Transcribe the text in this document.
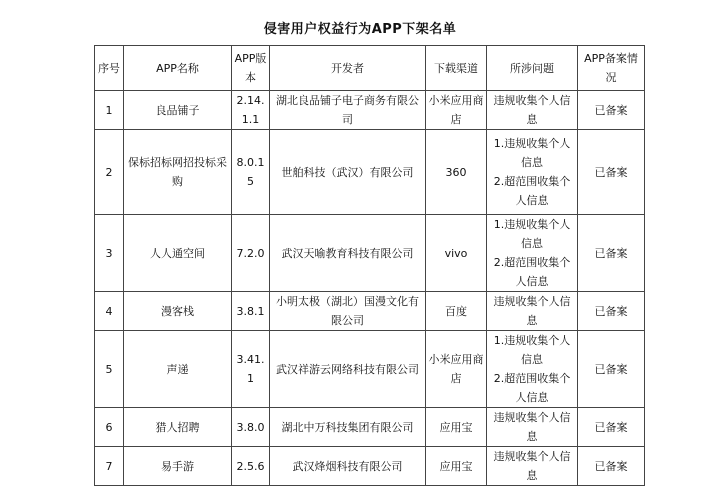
侵害用户权益行为APP下架名单
序号	APP名称	APP版本	开发者	下载渠道	所涉问题	APP备案情况
1	良品铺子	2.14.1.1	湖北良品铺子电子商务有限公司	小米应用商店	违规收集个人信息	已备案
2	保标招标网招投标采购	8.0.15	世舶科技（武汉）有限公司	360	1.违规收集个人信息
2.超范围收集个人信息	已备案
3	人人通空间	7.2.0	武汉天喻教育科技有限公司	vivo	1.违规收集个人信息
2.超范围收集个人信息	已备案
4	漫客栈	3.8.1	小明太极（湖北）国漫文化有限公司	百度	违规收集个人信息	已备案
5	声递	3.41.1	武汉祥游云网络科技有限公司	小米应用商店	1.违规收集个人信息
2.超范围收集个人信息	已备案
6	猎人招聘	3.8.0	湖北中万科技集团有限公司	应用宝	违规收集个人信息	已备案
7	易手游	2.5.6	武汉烽烟科技有限公司	应用宝	违规收集个人信息	已备案
